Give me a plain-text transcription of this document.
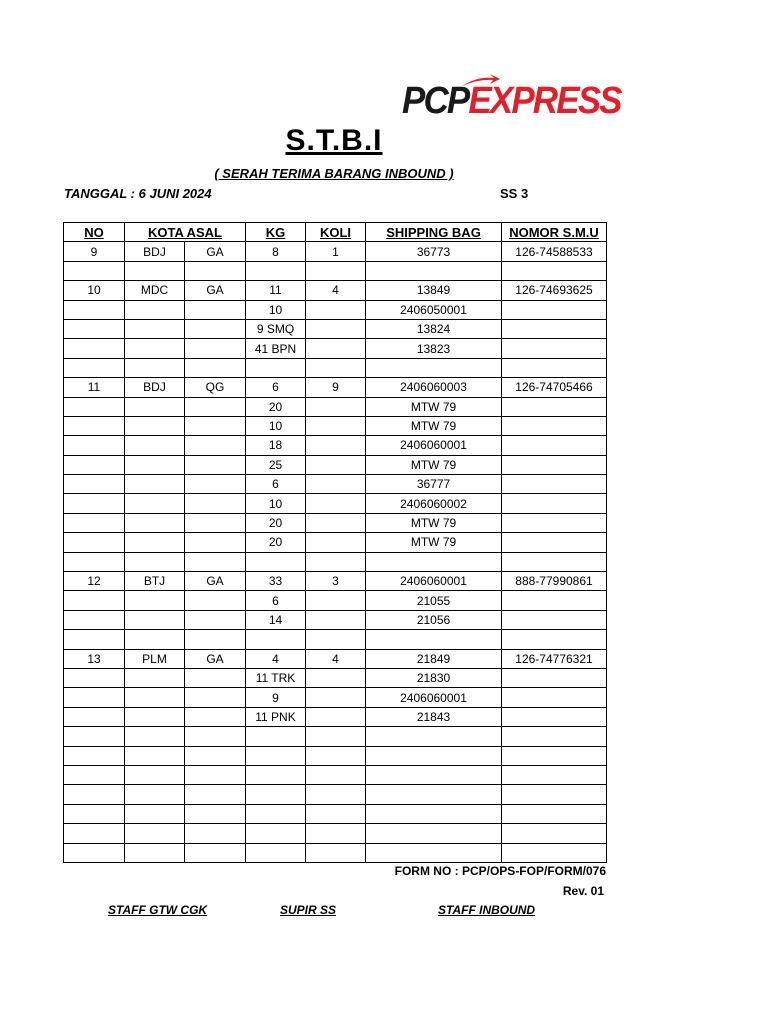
PCPEXPRESS
S.T.B.I
( SERAH TERIMA BARANG INBOUND )
TANGGAL : 6 JUNI 2024	SS 3
NO	KOTA ASAL		KG	KOLI	SHIPPING BAG	NOMOR S.M.U
9	BDJ	GA	8	1	36773	126-74588533

10	MDC	GA	11	4	13849	126-74693625
			10		2406050001	
			9 SMQ		13824	
			41 BPN		13823	

11	BDJ	QG	6	9	2406060003	126-74705466
			20		MTW 79	
			10		MTW 79	
			18		2406060001	
			25		MTW 79	
			6		36777	
			10		2406060002	
			20		MTW 79	
			20		MTW 79	

12	BTJ	GA	33	3	2406060001	888-77990861
			6		21055	
			14		21056	

13	PLM	GA	4	4	21849	126-74776321
			11 TRK		21830	
			9		2406060001	
			11 PNK		21843	

FORM NO : PCP/OPS-FOP/FORM/076
Rev. 01
STAFF GTW CGK	SUPIR SS	STAFF INBOUND
